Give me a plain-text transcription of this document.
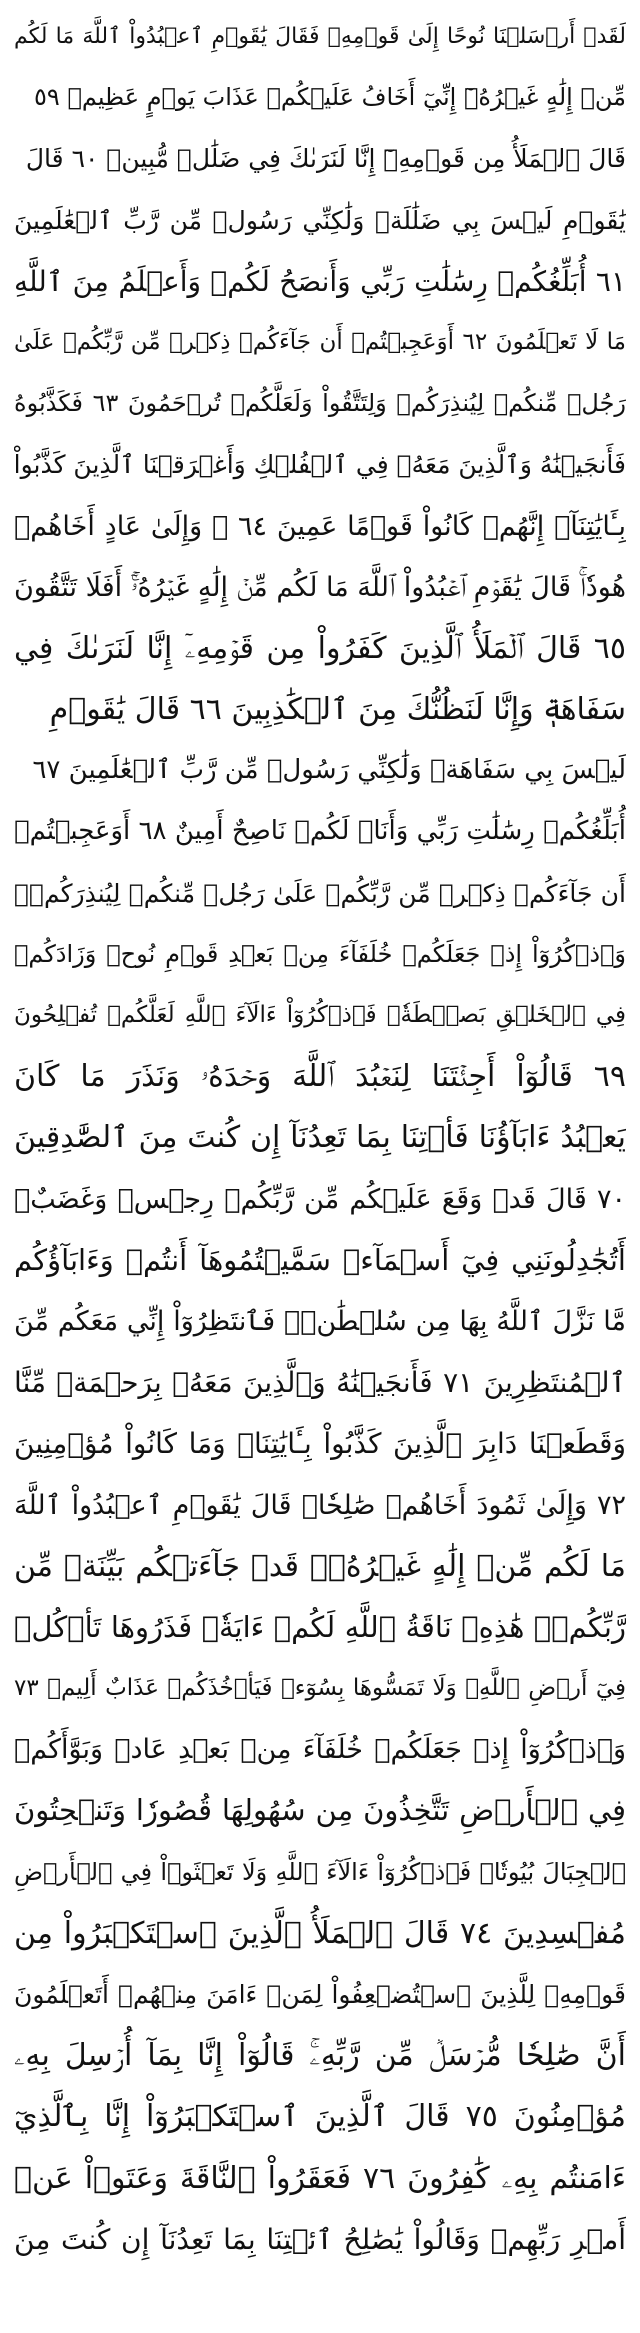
لَقَدۡ أَرۡسَلۡنَا نُوحًا إِلَىٰ قَوۡمِهِۦ فَقَالَ يَٰقَوۡمِ ٱعۡبُدُواْ ٱللَّهَ مَا لَكُم
مِّنۡ إِلَٰهٍ غَيۡرُهُۥٓ إِنِّيٓ أَخَافُ عَلَيۡكُمۡ عَذَابَ يَوۡمٍ عَظِيمٖ ٥٩
قَالَ ٱلۡمَلَأُ مِن قَوۡمِهِۦٓ إِنَّا لَنَرَىٰكَ فِي ضَلَٰلٖ مُّبِينٖ ٦٠ قَالَ
يَٰقَوۡمِ لَيۡسَ بِي ضَلَٰلَةٞ وَلَٰكِنِّي رَسُولٞ مِّن رَّبِّ ٱلۡعَٰلَمِينَ
٦١ أُبَلِّغُكُمۡ رِسَٰلَٰتِ رَبِّي وَأَنصَحُ لَكُمۡ وَأَعۡلَمُ مِنَ ٱللَّهِ
مَا لَا تَعۡلَمُونَ ٦٢ أَوَعَجِبۡتُمۡ أَن جَآءَكُمۡ ذِكۡرٞ مِّن رَّبِّكُمۡ عَلَىٰ
رَجُلٖ مِّنكُمۡ لِيُنذِرَكُمۡ وَلِتَتَّقُواْ وَلَعَلَّكُمۡ تُرۡحَمُونَ ٦٣ فَكَذَّبُوهُ
فَأَنجَيۡنَٰهُ وَٱلَّذِينَ مَعَهُۥ فِي ٱلۡفُلۡكِ وَأَغۡرَقۡنَا ٱلَّذِينَ كَذَّبُواْ
بِـَٔايَٰتِنَآۚ إِنَّهُمۡ كَانُواْ قَوۡمًا عَمِينَ ٦٤ ۞ وَإِلَىٰ عَادٍ أَخَاهُمۡ
هُودٗاۚ قَالَ يَٰقَوۡمِ ٱعۡبُدُواْ ٱللَّهَ مَا لَكُم مِّنۡ إِلَٰهٍ غَيۡرُهُۥٓۚ أَفَلَا تَتَّقُونَ
٦٥ قَالَ ٱلۡمَلَأُ ٱلَّذِينَ كَفَرُواْ مِن قَوۡمِهِۦٓ إِنَّا لَنَرَىٰكَ فِي
سَفَاهَةٖ وَإِنَّا لَنَظُنُّكَ مِنَ ٱلۡكَٰذِبِينَ ٦٦ قَالَ يَٰقَوۡمِ
لَيۡسَ بِي سَفَاهَةٞ وَلَٰكِنِّي رَسُولٞ مِّن رَّبِّ ٱلۡعَٰلَمِينَ ٦٧
أُبَلِّغُكُمۡ رِسَٰلَٰتِ رَبِّي وَأَنَا۠ لَكُمۡ نَاصِحٌ أَمِينٌ ٦٨ أَوَعَجِبۡتُمۡ
أَن جَآءَكُمۡ ذِكۡرٞ مِّن رَّبِّكُمۡ عَلَىٰ رَجُلٖ مِّنكُمۡ لِيُنذِرَكُمۡۚ
وَٱذۡكُرُوٓاْ إِذۡ جَعَلَكُمۡ خُلَفَآءَ مِنۢ بَعۡدِ قَوۡمِ نُوحٖ وَزَادَكُمۡ
فِي ٱلۡخَلۡقِ بَصۜۡطَةٗۖ فَٱذۡكُرُوٓاْ ءَالَآءَ ٱللَّهِ لَعَلَّكُمۡ تُفۡلِحُونَ
٦٩ قَالُوٓاْ أَجِئۡتَنَا لِنَعۡبُدَ ٱللَّهَ وَحۡدَهُۥ وَنَذَرَ مَا كَانَ
يَعۡبُدُ ءَابَآؤُنَا فَأۡتِنَا بِمَا تَعِدُنَآ إِن كُنتَ مِنَ ٱلصَّٰدِقِينَ
٧٠ قَالَ قَدۡ وَقَعَ عَلَيۡكُم مِّن رَّبِّكُمۡ رِجۡسٞ وَغَضَبٌۖ
أَتُجَٰدِلُونَنِي فِيٓ أَسۡمَآءٖ سَمَّيۡتُمُوهَآ أَنتُمۡ وَءَابَآؤُكُم
مَّا نَزَّلَ ٱللَّهُ بِهَا مِن سُلۡطَٰنٖۚ فَٱنتَظِرُوٓاْ إِنِّي مَعَكُم مِّنَ
ٱلۡمُنتَظِرِينَ ٧١ فَأَنجَيۡنَٰهُ وَٱلَّذِينَ مَعَهُۥ بِرَحۡمَةٖ مِّنَّا
وَقَطَعۡنَا دَابِرَ ٱلَّذِينَ كَذَّبُواْ بِـَٔايَٰتِنَاۖ وَمَا كَانُواْ مُؤۡمِنِينَ
٧٢ وَإِلَىٰ ثَمُودَ أَخَاهُمۡ صَٰلِحٗاۚ قَالَ يَٰقَوۡمِ ٱعۡبُدُواْ ٱللَّهَ
مَا لَكُم مِّنۡ إِلَٰهٍ غَيۡرُهُۥۖ قَدۡ جَآءَتۡكُم بَيِّنَةٞ مِّن
رَّبِّكُمۡۖ هَٰذِهِۦ نَاقَةُ ٱللَّهِ لَكُمۡ ءَايَةٗۖ فَذَرُوهَا تَأۡكُلۡ
فِيٓ أَرۡضِ ٱللَّهِۖ وَلَا تَمَسُّوهَا بِسُوٓءٖ فَيَأۡخُذَكُمۡ عَذَابٌ أَلِيمٞ ٧٣
وَٱذۡكُرُوٓاْ إِذۡ جَعَلَكُمۡ خُلَفَآءَ مِنۢ بَعۡدِ عَادٖ وَبَوَّأَكُمۡ
فِي ٱلۡأَرۡضِ تَتَّخِذُونَ مِن سُهُولِهَا قُصُورٗا وَتَنۡحِتُونَ
ٱلۡجِبَالَ بُيُوتٗاۖ فَٱذۡكُرُوٓاْ ءَالَآءَ ٱللَّهِ وَلَا تَعۡثَوۡاْ فِي ٱلۡأَرۡضِ
مُفۡسِدِينَ ٧٤ قَالَ ٱلۡمَلَأُ ٱلَّذِينَ ٱسۡتَكۡبَرُواْ مِن
قَوۡمِهِۦ لِلَّذِينَ ٱسۡتُضۡعِفُواْ لِمَنۡ ءَامَنَ مِنۡهُمۡ أَتَعۡلَمُونَ
أَنَّ صَٰلِحٗا مُّرۡسَلٞ مِّن رَّبِّهِۦۚ قَالُوٓاْ إِنَّا بِمَآ أُرۡسِلَ بِهِۦ
مُؤۡمِنُونَ ٧٥ قَالَ ٱلَّذِينَ ٱسۡتَكۡبَرُوٓاْ إِنَّا بِٱلَّذِيٓ
ءَامَنتُم بِهِۦ كَٰفِرُونَ ٧٦ فَعَقَرُواْ ٱلنَّاقَةَ وَعَتَوۡاْ عَنۡ
أَمۡرِ رَبِّهِمۡ وَقَالُواْ يَٰصَٰلِحُ ٱئۡتِنَا بِمَا تَعِدُنَآ إِن كُنتَ مِنَ
